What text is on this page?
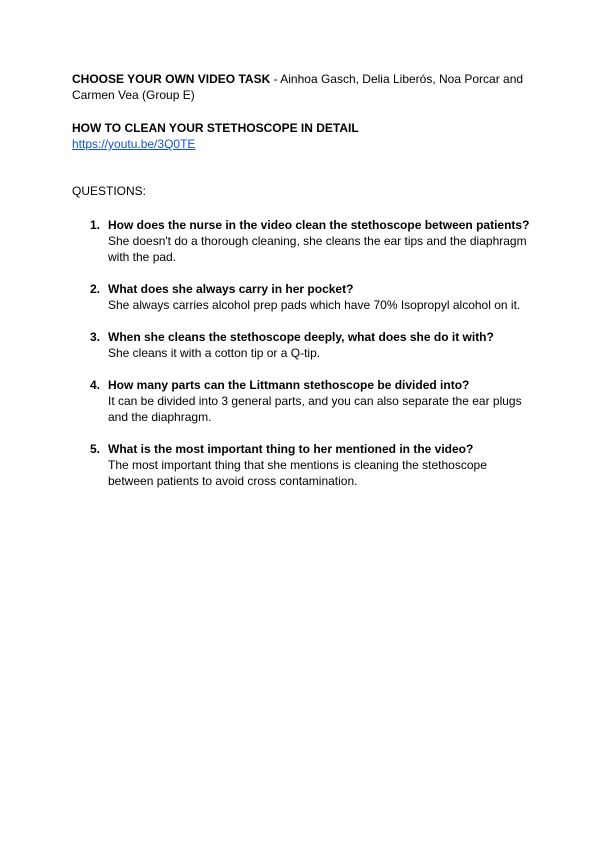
CHOOSE YOUR OWN VIDEO TASK - Ainhoa Gasch, Delia Liberós, Noa Porcar and Carmen Vea (Group E)

HOW TO CLEAN YOUR STETHOSCOPE IN DETAIL
https://youtu.be/3Q0TE
QUESTIONS:
1. How does the nurse in the video clean the stethoscope between patients?
She doesn't do a thorough cleaning, she cleans the ear tips and the diaphragm with the pad.
2. What does she always carry in her pocket?
She always carries alcohol prep pads which have 70% Isopropyl alcohol on it.
3. When she cleans the stethoscope deeply, what does she do it with?
She cleans it with a cotton tip or a Q-tip.
4. How many parts can the Littmann stethoscope be divided into?
It can be divided into 3 general parts, and you can also separate the ear plugs and the diaphragm.
5. What is the most important thing to her mentioned in the video?
The most important thing that she mentions is cleaning the stethoscope between patients to avoid cross contamination.
